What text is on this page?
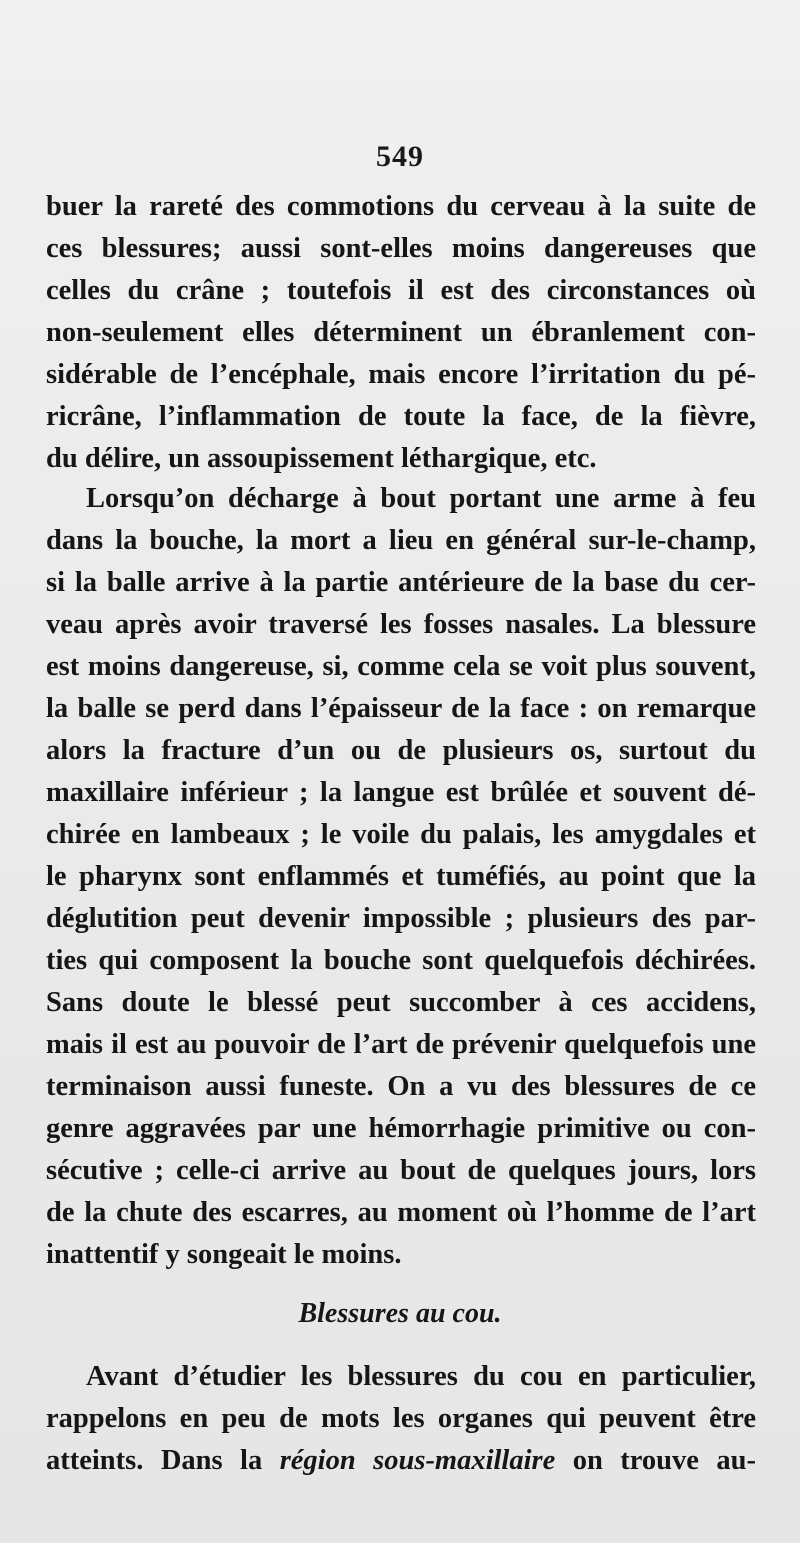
549
buer la rareté des commotions du cerveau à la suite de
ces blessures; aussi sont-elles moins dangereuses que
celles du crâne ; toutefois il est des circonstances où
non-seulement elles déterminent un ébranlement con-
sidérable de l’encéphale, mais encore l’irritation du pé-
ricrâne, l’inflammation de toute la face, de la fièvre,
du délire, un assoupissement léthargique, etc.
Lorsqu’on décharge à bout portant une arme à feu
dans la bouche, la mort a lieu en général sur-le-champ,
si la balle arrive à la partie antérieure de la base du cer-
veau après avoir traversé les fosses nasales. La blessure
est moins dangereuse, si, comme cela se voit plus souvent,
la balle se perd dans l’épaisseur de la face : on remarque
alors la fracture d’un ou de plusieurs os, surtout du
maxillaire inférieur ; la langue est brûlée et souvent dé-
chirée en lambeaux ; le voile du palais, les amygdales et
le pharynx sont enflammés et tuméfiés, au point que la
déglutition peut devenir impossible ; plusieurs des par-
ties qui composent la bouche sont quelquefois déchirées.
Sans doute le blessé peut succomber à ces accidens,
mais il est au pouvoir de l’art de prévenir quelquefois une
terminaison aussi funeste. On a vu des blessures de ce
genre aggravées par une hémorrhagie primitive ou con-
sécutive ; celle-ci arrive au bout de quelques jours, lors
de la chute des escarres, au moment où l’homme de l’art
inattentif y songeait le moins.
Blessures au cou.
Avant d’étudier les blessures du cou en particulier,
rappelons en peu de mots les organes qui peuvent être
atteints. Dans la région sous-maxillaire on trouve au-
